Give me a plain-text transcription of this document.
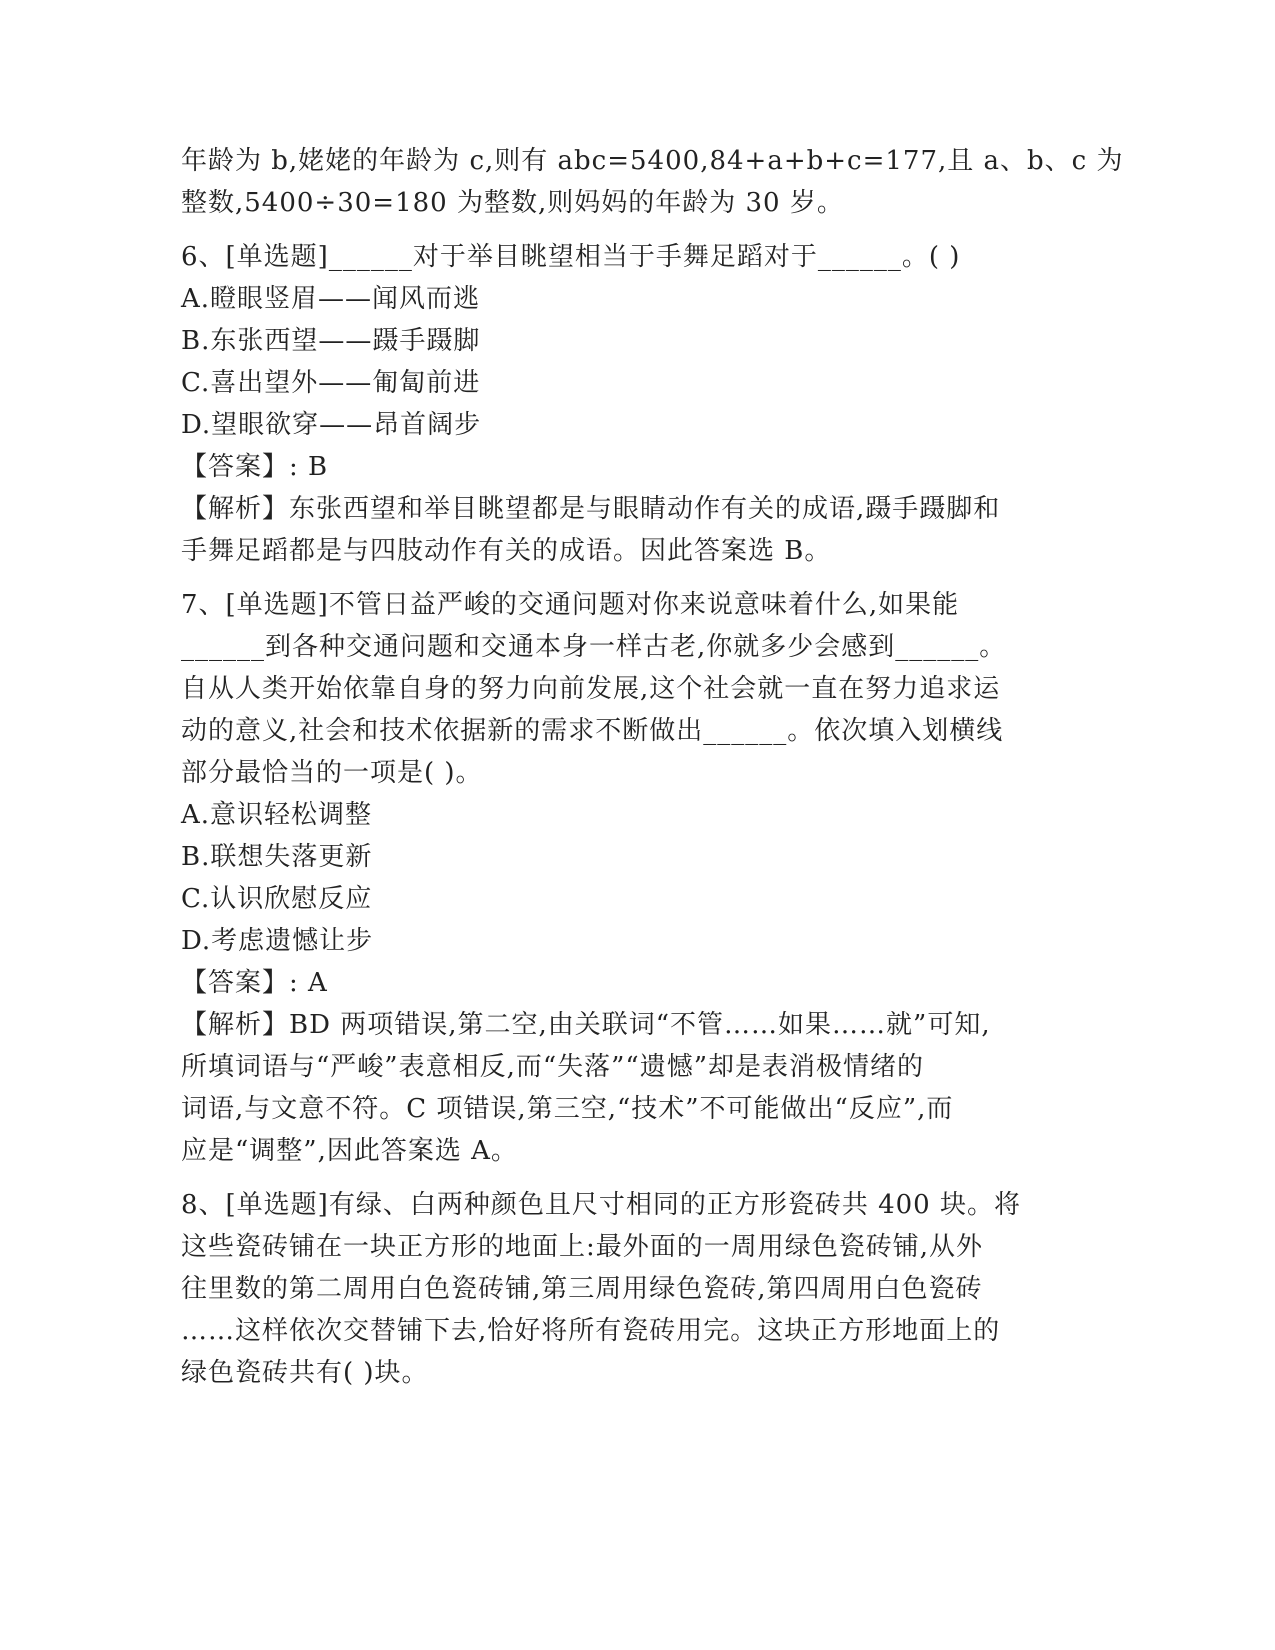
年龄为 b,姥姥的年龄为 c,则有 abc=5400,84+a+b+c=177,且 a、b、c 为
整数,5400÷30=180 为整数,则妈妈的年龄为 30 岁。
6、[单选题]______对于举目眺望相当于手舞足蹈对于______。( )
A.瞪眼竖眉——闻风而逃
B.东张西望——蹑手蹑脚
C.喜出望外——匍匐前进
D.望眼欲穿——昂首阔步
【答案】: B
【解析】东张西望和举目眺望都是与眼睛动作有关的成语,蹑手蹑脚和
手舞足蹈都是与四肢动作有关的成语。因此答案选 B。
7、[单选题]不管日益严峻的交通问题对你来说意味着什么,如果能
______到各种交通问题和交通本身一样古老,你就多少会感到______。
自从人类开始依靠自身的努力向前发展,这个社会就一直在努力追求运
动的意义,社会和技术依据新的需求不断做出______。依次填入划横线
部分最恰当的一项是( )。
A.意识轻松调整
B.联想失落更新
C.认识欣慰反应
D.考虑遗憾让步
【答案】: A
【解析】BD 两项错误,第二空,由关联词“不管……如果……就”可知,
所填词语与“严峻”表意相反,而“失落”“遗憾”却是表消极情绪的
词语,与文意不符。C 项错误,第三空,“技术”不可能做出“反应”,而
应是“调整”,因此答案选 A。
8、[单选题]有绿、白两种颜色且尺寸相同的正方形瓷砖共 400 块。将
这些瓷砖铺在一块正方形的地面上:最外面的一周用绿色瓷砖铺,从外
往里数的第二周用白色瓷砖铺,第三周用绿色瓷砖,第四周用白色瓷砖
……这样依次交替铺下去,恰好将所有瓷砖用完。这块正方形地面上的
绿色瓷砖共有( )块。
